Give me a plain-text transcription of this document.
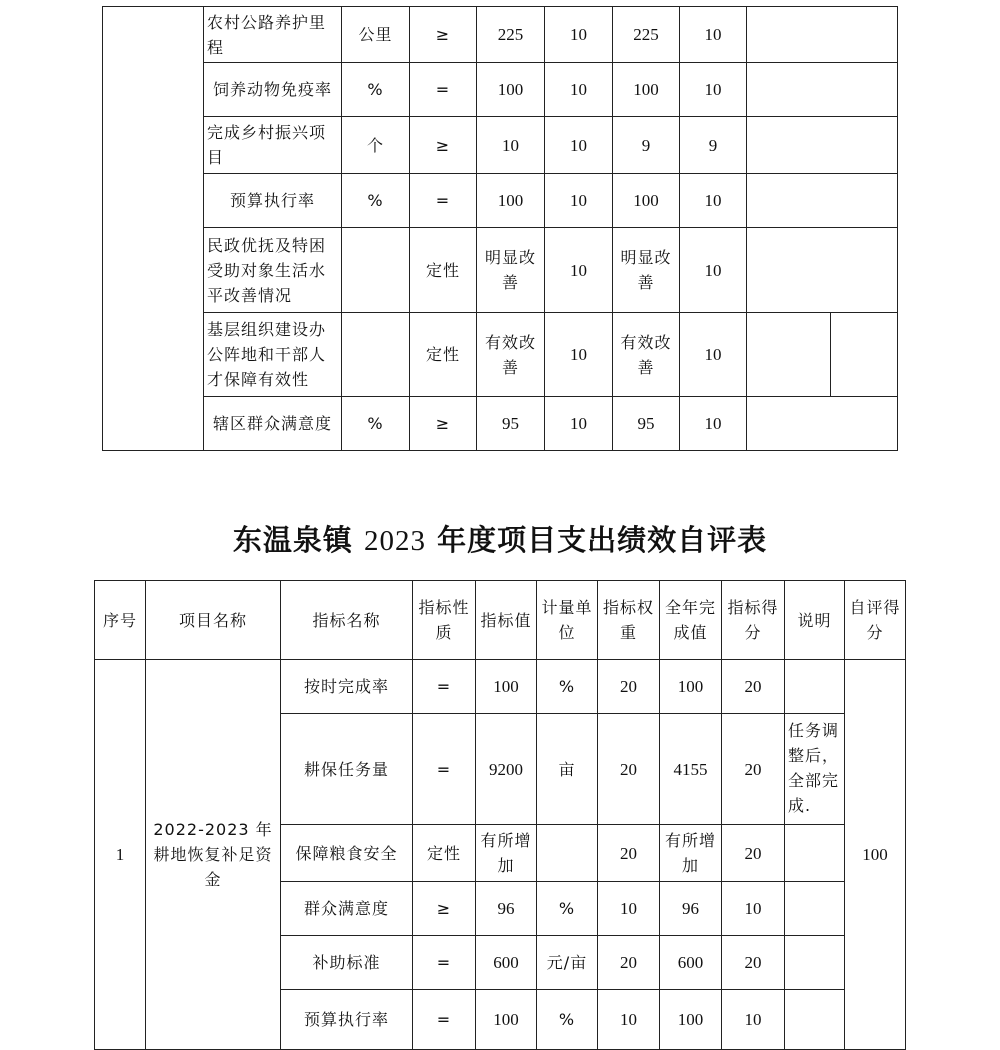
	农村公路养护里程	公里	≥	225	10	225	10		
	饲养动物免疫率	%	=	100	10	100	10		
	完成乡村振兴项目	个	≥	10	10	9	9		
	预算执行率	%	=	100	10	100	10		
	民政优抚及特困受助对象生活水平改善情况		定性	明显改善	10	明显改善	10		
	基层组织建设办公阵地和干部人才保障有效性		定性	有效改善	10	有效改善	10		
	辖区群众满意度	%	≥	95	10	95	10		
东温泉镇 2023 年度项目支出绩效自评表
序号	项目名称	指标名称	指标性质	指标值	计量单位	指标权重	全年完成值	指标得分	说明	自评得分
1	2022-2023 年耕地恢复补足资金	按时完成率	=	100	%	20	100	20		100
		耕保任务量	=	9200	亩	20	4155	20	任务调整后，全部完成.	
		保障粮食安全	定性	有所增加		20	有所增加	20		
		群众满意度	≥	96	%	10	96	10		
		补助标准	=	600	元/亩	20	600	20		
		预算执行率	=	100	%	10	100	10		
